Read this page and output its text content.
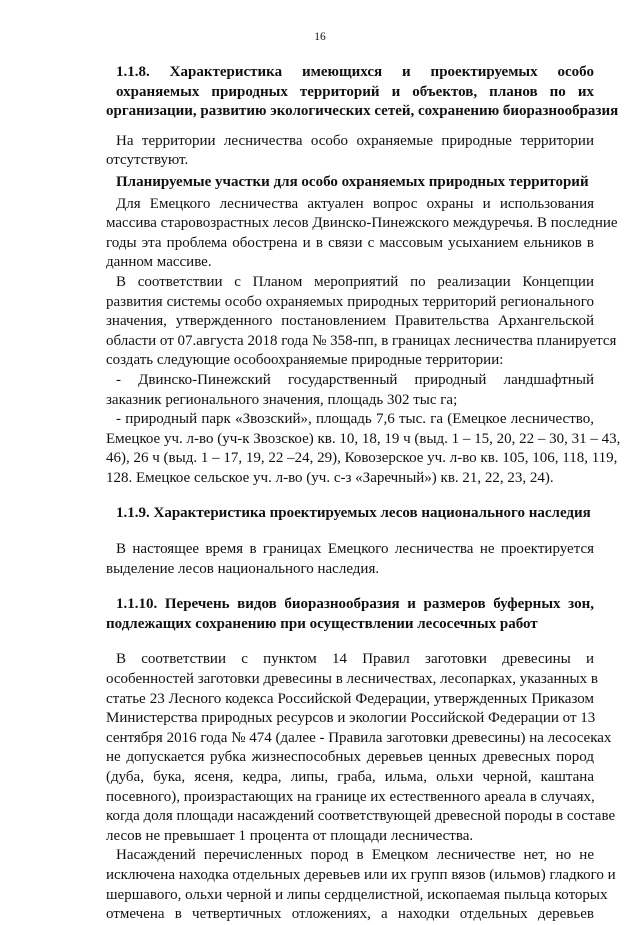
16
1.1.8. Характеристика имеющихся и проектируемых особо
охраняемых природных территорий и объектов, планов по их
организации, развитию экологических сетей, сохранению биоразнообразия
На территории лесничества особо охраняемые природные территории
отсутствуют.
Планируемые участки для особо охраняемых природных территорий
Для Емецкого лесничества актуален вопрос охраны и использования
массива старовозрастных лесов Двинско-Пинежского междуречья. В последние
годы эта проблема обострена и в связи с массовым усыханием ельников в
данном массиве.
В соответствии с Планом мероприятий по реализации Концепции
развития системы особо охраняемых природных территорий регионального
значения, утвержденного постановлением Правительства Архангельской
области от 07.августа 2018 года № 358-пп, в границах лесничества планируется
создать следующие особоохраняемые природные территории:
- Двинско-Пинежский государственный природный ландшафтный
заказник регионального значения, площадь 302 тыс га;
- природный парк «Звозский», площадь 7,6 тыс. га (Емецкое лесничество,
Емецкое уч. л-во (уч-к Звозское) кв. 10, 18, 19 ч (выд. 1 – 15, 20, 22 – 30, 31 – 43,
46), 26 ч (выд. 1 – 17, 19, 22 –24, 29), Ковозерское уч. л-во кв. 105, 106, 118, 119,
128. Емецкое сельское уч. л-во (уч. с-з «Заречный») кв. 21, 22, 23, 24).
1.1.9. Характеристика проектируемых лесов национального наследия
В настоящее время в границах Емецкого лесничества не проектируется
выделение лесов национального наследия.
1.1.10. Перечень видов биоразнообразия и размеров буферных зон,
подлежащих сохранению при осуществлении лесосечных работ
В соответствии с пунктом 14 Правил заготовки древесины и
особенностей заготовки древесины в лесничествах, лесопарках, указанных в
статье 23 Лесного кодекса Российской Федерации, утвержденных Приказом
Министерства природных ресурсов и экологии Российской Федерации от 13
сентября 2016 года № 474 (далее - Правила заготовки древесины) на лесосеках
не допускается рубка жизнеспособных деревьев ценных древесных пород
(дуба, бука, ясеня, кедра, липы, граба, ильма, ольхи черной, каштана
посевного), произрастающих на границе их естественного ареала в случаях,
когда доля площади насаждений соответствующей древесной породы в составе
лесов не превышает 1 процента от площади лесничества.
Насаждений перечисленных пород в Емецком лесничестве нет, но не
исключена находка отдельных деревьев или их групп вязов (ильмов) гладкого и
шершавого, ольхи черной и липы сердцелистной, ископаемая пыльца которых
отмечена в четвертичных отложениях, а находки отдельных деревьев
